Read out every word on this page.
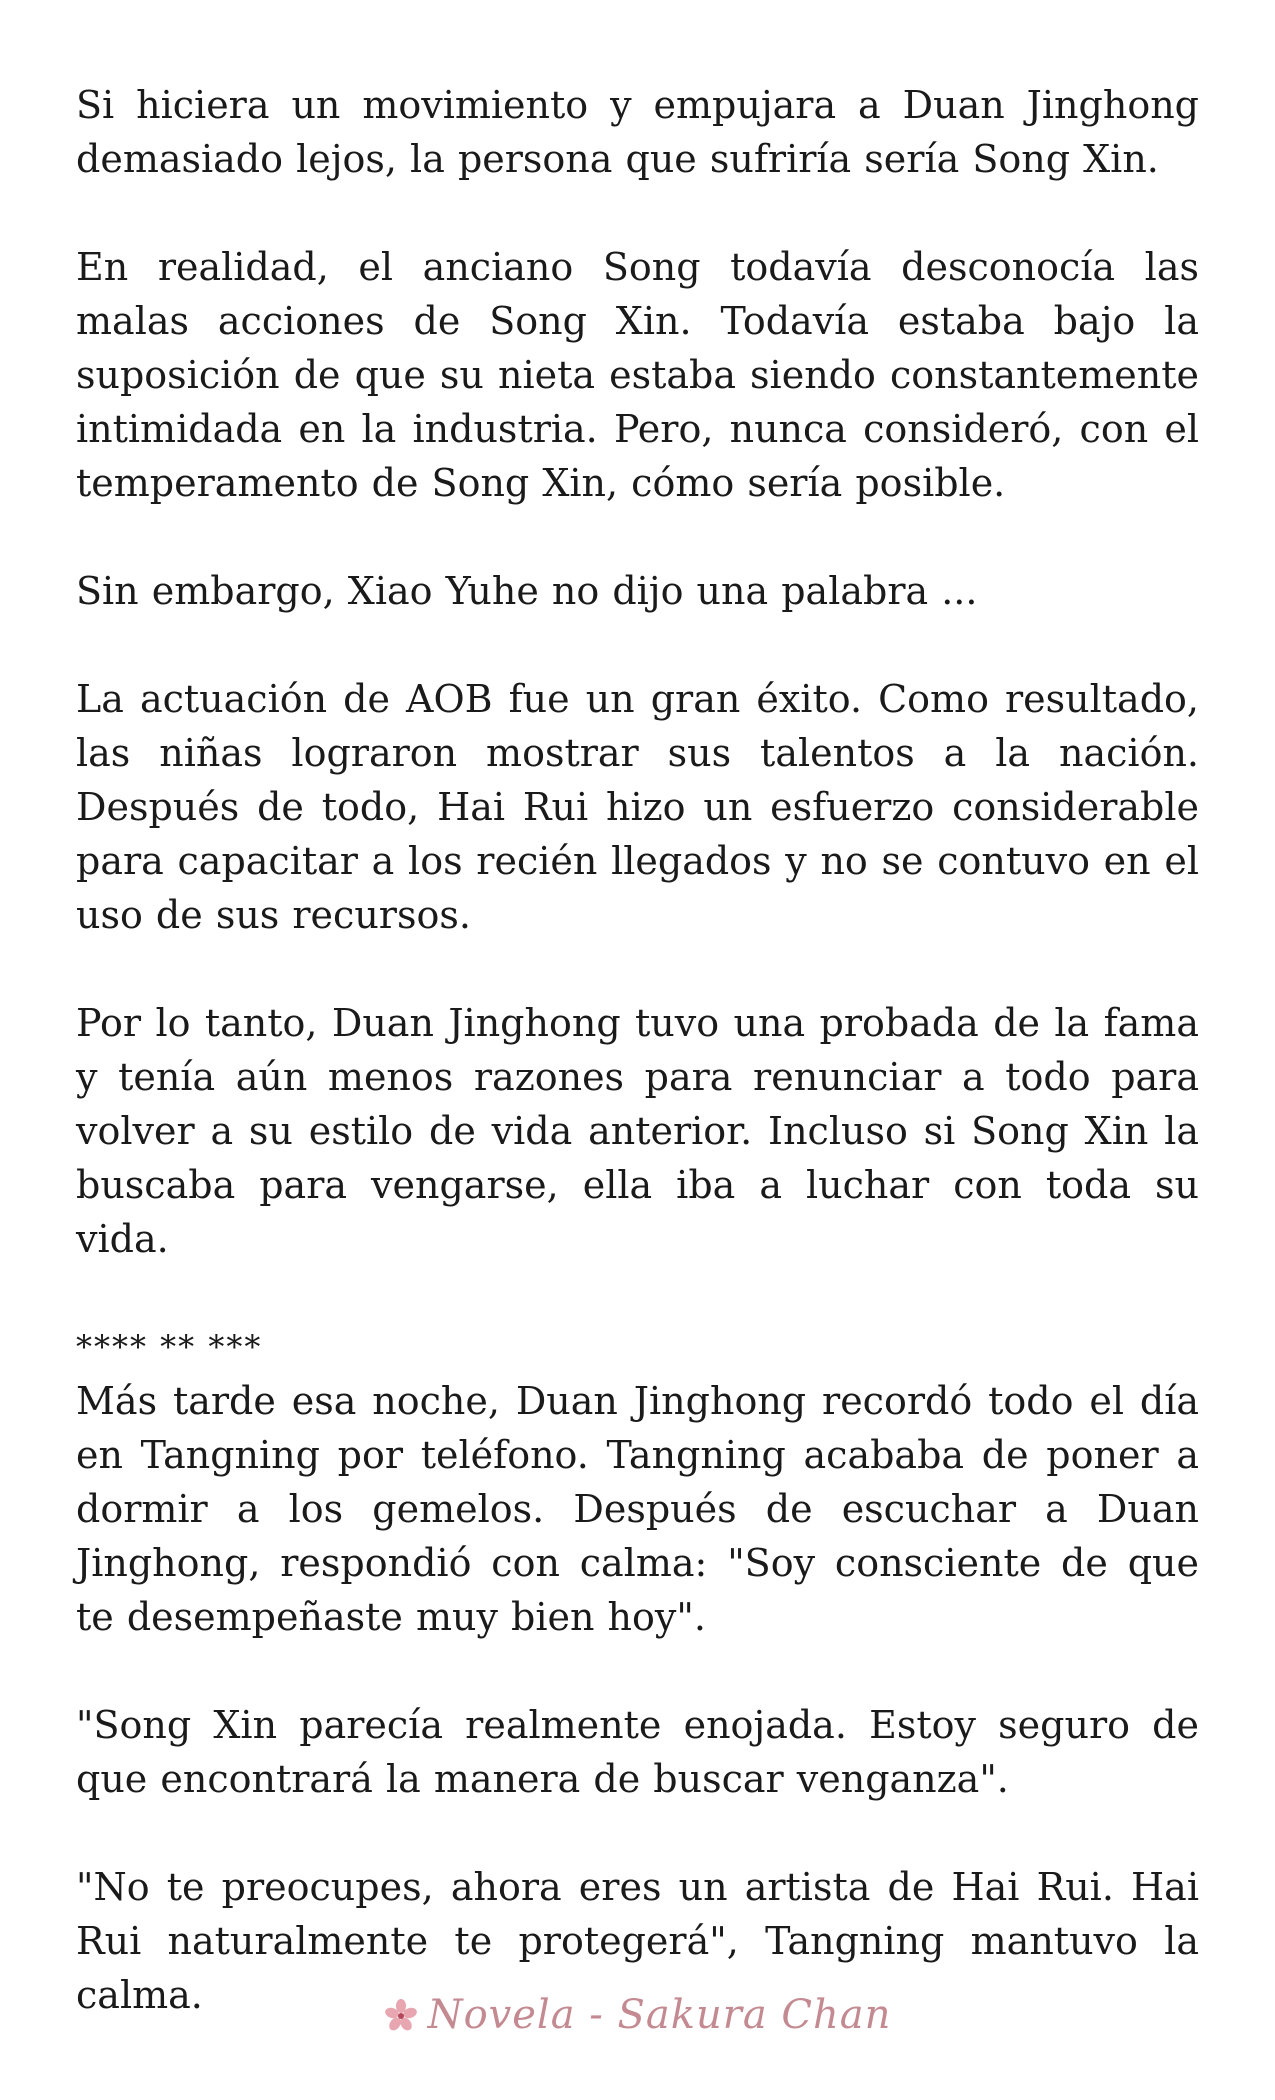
Si hiciera un movimiento y empujara a Duan Jinghong demasiado lejos, la persona que sufriría sería Song Xin.

En realidad, el anciano Song todavía desconocía las malas acciones de Song Xin. Todavía estaba bajo la suposición de que su nieta estaba siendo constantemente intimidada en la industria. Pero, nunca consideró, con el temperamento de Song Xin, cómo sería posible.

Sin embargo, Xiao Yuhe no dijo una palabra ...

La actuación de AOB fue un gran éxito. Como resultado, las niñas lograron mostrar sus talentos a la nación. Después de todo, Hai Rui hizo un esfuerzo considerable para capacitar a los recién llegados y no se contuvo en el uso de sus recursos.

Por lo tanto, Duan Jinghong tuvo una probada de la fama y tenía aún menos razones para renunciar a todo para volver a su estilo de vida anterior. Incluso si Song Xin la buscaba para vengarse, ella iba a luchar con toda su vida.

**** ** ***

Más tarde esa noche, Duan Jinghong recordó todo el día en Tangning por teléfono. Tangning acababa de poner a dormir a los gemelos. Después de escuchar a Duan Jinghong, respondió con calma: "Soy consciente de que te desempeñaste muy bien hoy".

"Song Xin parecía realmente enojada. Estoy seguro de que encontrará la manera de buscar venganza".

"No te preocupes, ahora eres un artista de Hai Rui. Hai Rui naturalmente te protegerá", Tangning mantuvo la calma.	Novela - Sakura Chan
